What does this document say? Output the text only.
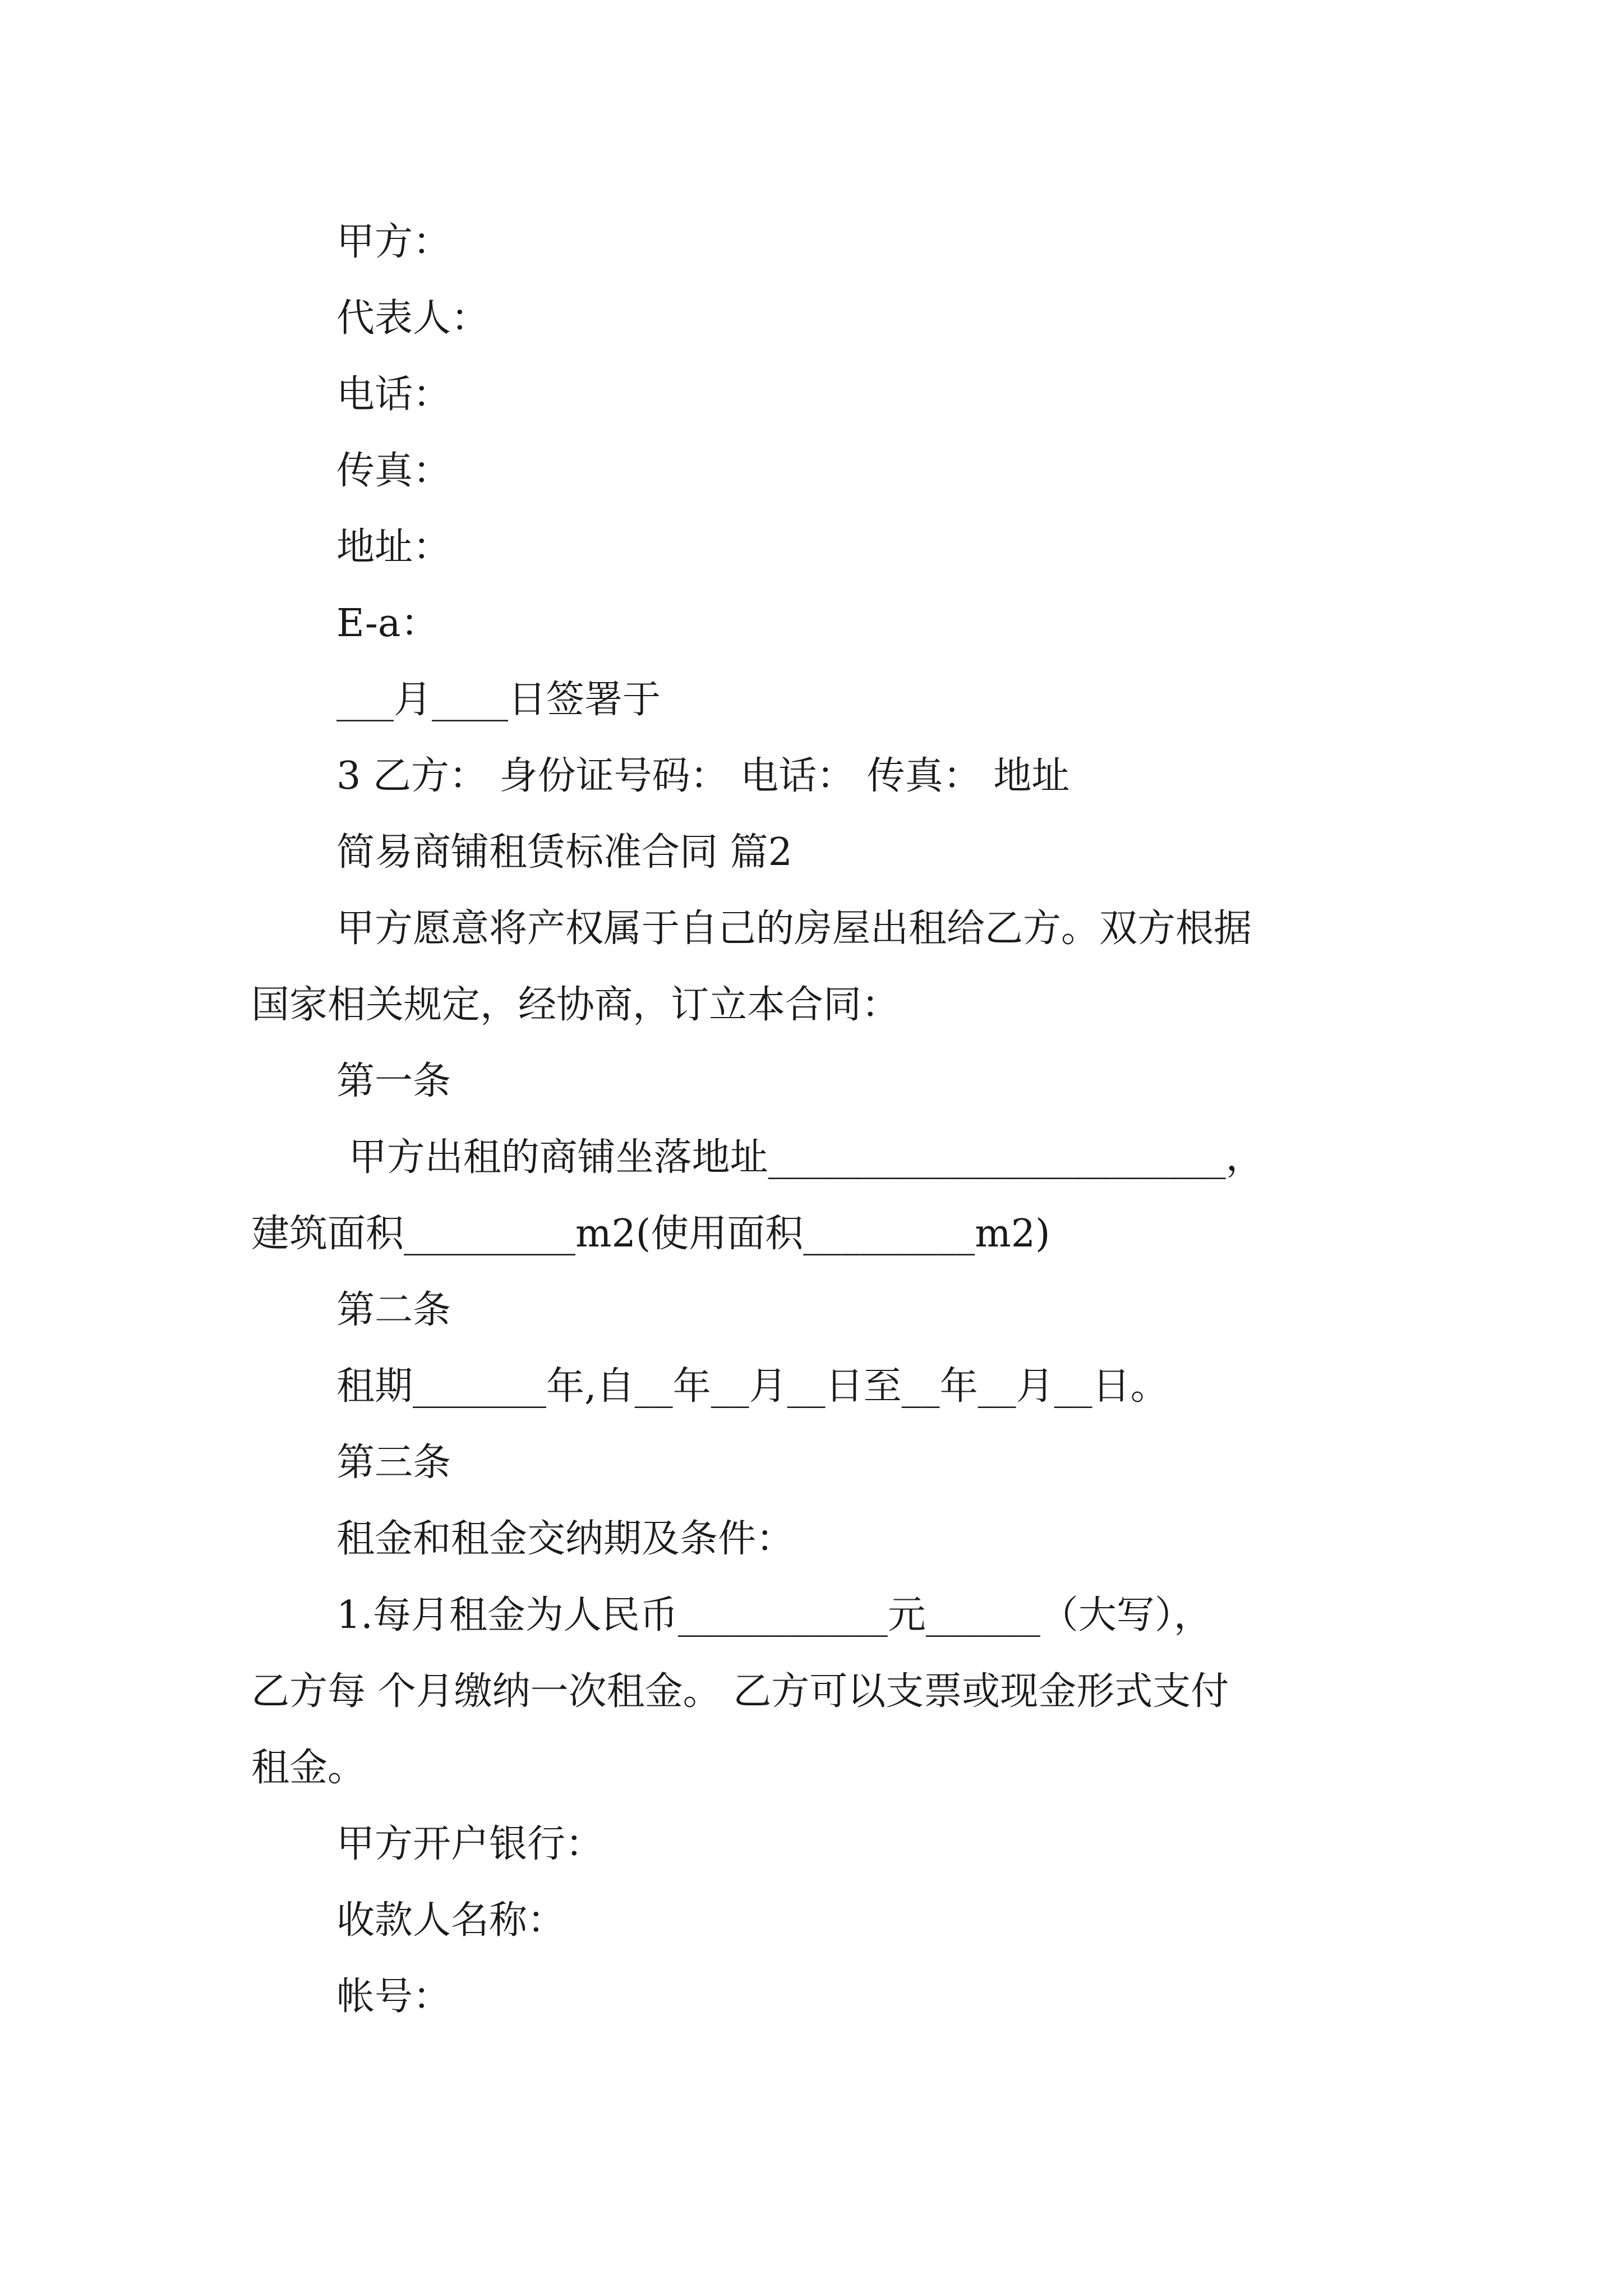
甲方：
代表人：
电话：
传真：
地址：
E-a：
___月____日签署于
3 乙方： 身份证号码： 电话： 传真： 地址
简易商铺租赁标准合同 篇2
甲方愿意将产权属于自己的房屋出租给乙方。双方根据
国家相关规定，经协商，订立本合同：
第一条
甲方出租的商铺坐落地址________________________，
建筑面积_________m2(使用面积_________m2)
第二条
租期_______年,自__年__月__日至__年__月__日。
第三条
租金和租金交纳期及条件：
1.每月租金为人民币___________元______（大写），
乙方每 个月缴纳一次租金。 乙方可以支票或现金形式支付
租金。
甲方开户银行：
收款人名称：
帐号：
